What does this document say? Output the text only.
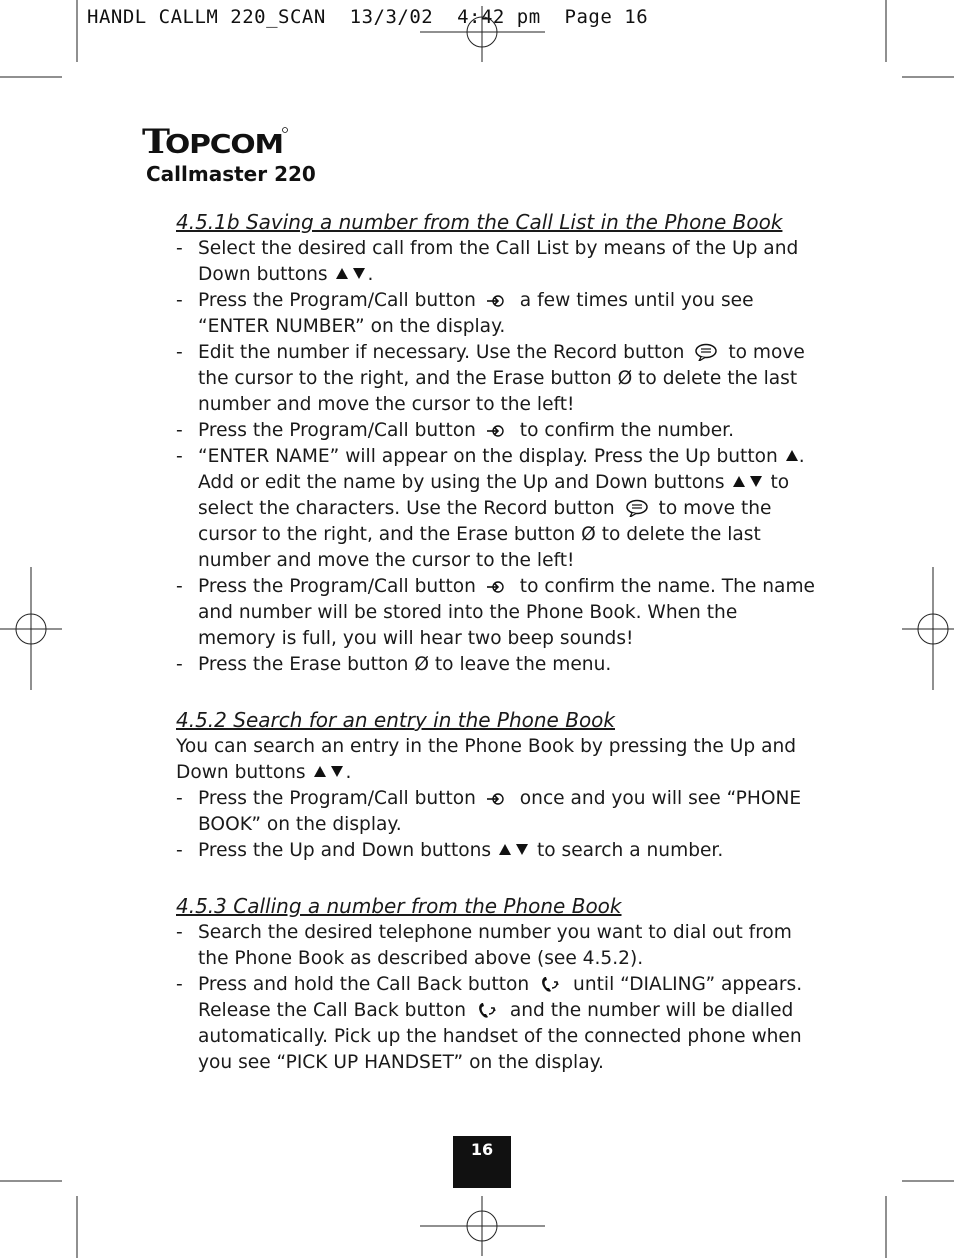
HANDL CALLM 220_SCAN  13/3/02  4:42 pm  Page 16
T
OPCOM
Callmaster 220
4.5.1b Saving a number from the Call List in the Phone Book
- Select the desired call from the Call List by means of the Up and Down buttons .
- Press the Program/Call button a few times until you see “ENTER NUMBER” on the display.
- Edit the number if necessary. Use the Record button to move the cursor to the right, and the Erase button Ø to delete the last number and move the cursor to the left!
- Press the Program/Call button to confirm the number.
- “ENTER NAME” will appear on the display. Press the Up button . Add or edit the name by using the Up and Down buttons to select the characters. Use the Record button to move the cursor to the right, and the Erase button Ø to delete the last number and move the cursor to the left!
- Press the Program/Call button to confirm the name. The name and number will be stored into the Phone Book. When the memory is full, you will hear two beep sounds!
- Press the Erase button Ø to leave the menu.
4.5.2 Search for an entry in the Phone Book
You can search an entry in the Phone Book by pressing the Up and Down buttons .
- Press the Program/Call button once and you will see “PHONE BOOK” on the display.
- Press the Up and Down buttons to search a number.
4.5.3 Calling a number from the Phone Book
- Search the desired telephone number you want to dial out from the Phone Book as described above (see 4.5.2).
- Press and hold the Call Back button until “DIALING” appears. Release the Call Back button and the number will be dialled automatically. Pick up the handset of the connected phone when you see “PICK UP HANDSET” on the display.
16
